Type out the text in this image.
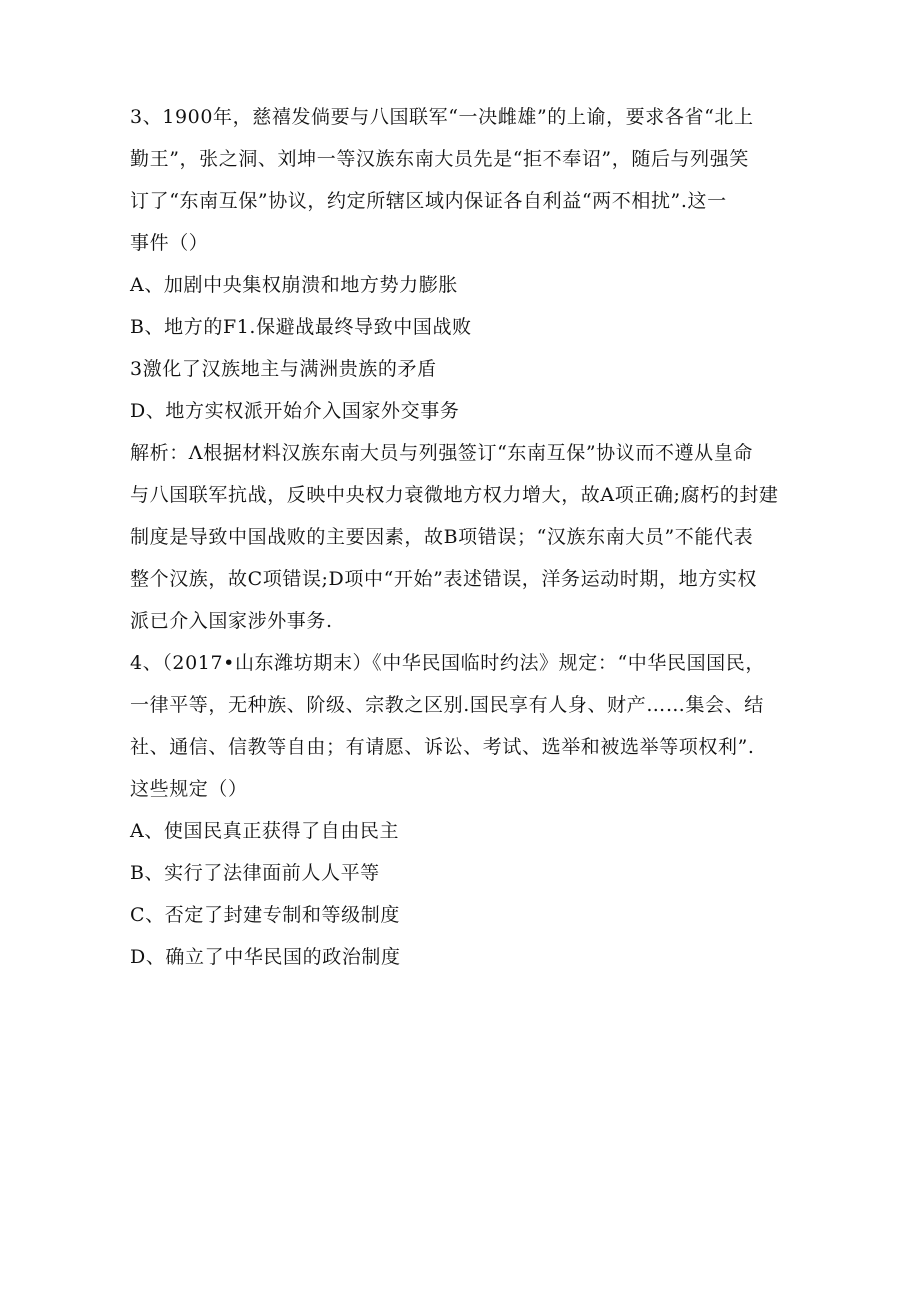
3、1900年，慈禧发倘要与八国联军“一决雌雄”的上谕，要求各省“北上
勤王”，张之洞、刘坤一等汉族东南大员先是“拒不奉诏”，随后与列强笑
订了“东南互保”协议，约定所辖区域内保证各自利益“两不相扰”.这一
事件（）
A、加剧中央集权崩溃和地方势力膨胀
B、地方的F1.保避战最终导致中国战败
3激化了汉族地主与满洲贵族的矛盾
D、地方实权派开始介入国家外交事务
解析：Λ根据材料汉族东南大员与列强签订“东南互保”协议而不遵从皇命
与八国联军抗战，反映中央权力衰微地方权力增大，故A项正确;腐朽的封建
制度是导致中国战败的主要因素，故B项错误；“汉族东南大员”不能代表
整个汉族，故C项错误;D项中“开始”表述错误，洋务运动时期，地方实权
派已介入国家涉外事务.
4、（2017•山东潍坊期末）《中华民国临时约法》规定：“中华民国国民，
一律平等，无种族、阶级、宗教之区别.国民享有人身、财产……集会、结
社、通信、信教等自由；有请愿、诉讼、考试、选举和被选举等项权利”.
这些规定（）
A、使国民真正获得了自由民主
B、实行了法律面前人人平等
C、否定了封建专制和等级制度
D、确立了中华民国的政治制度
